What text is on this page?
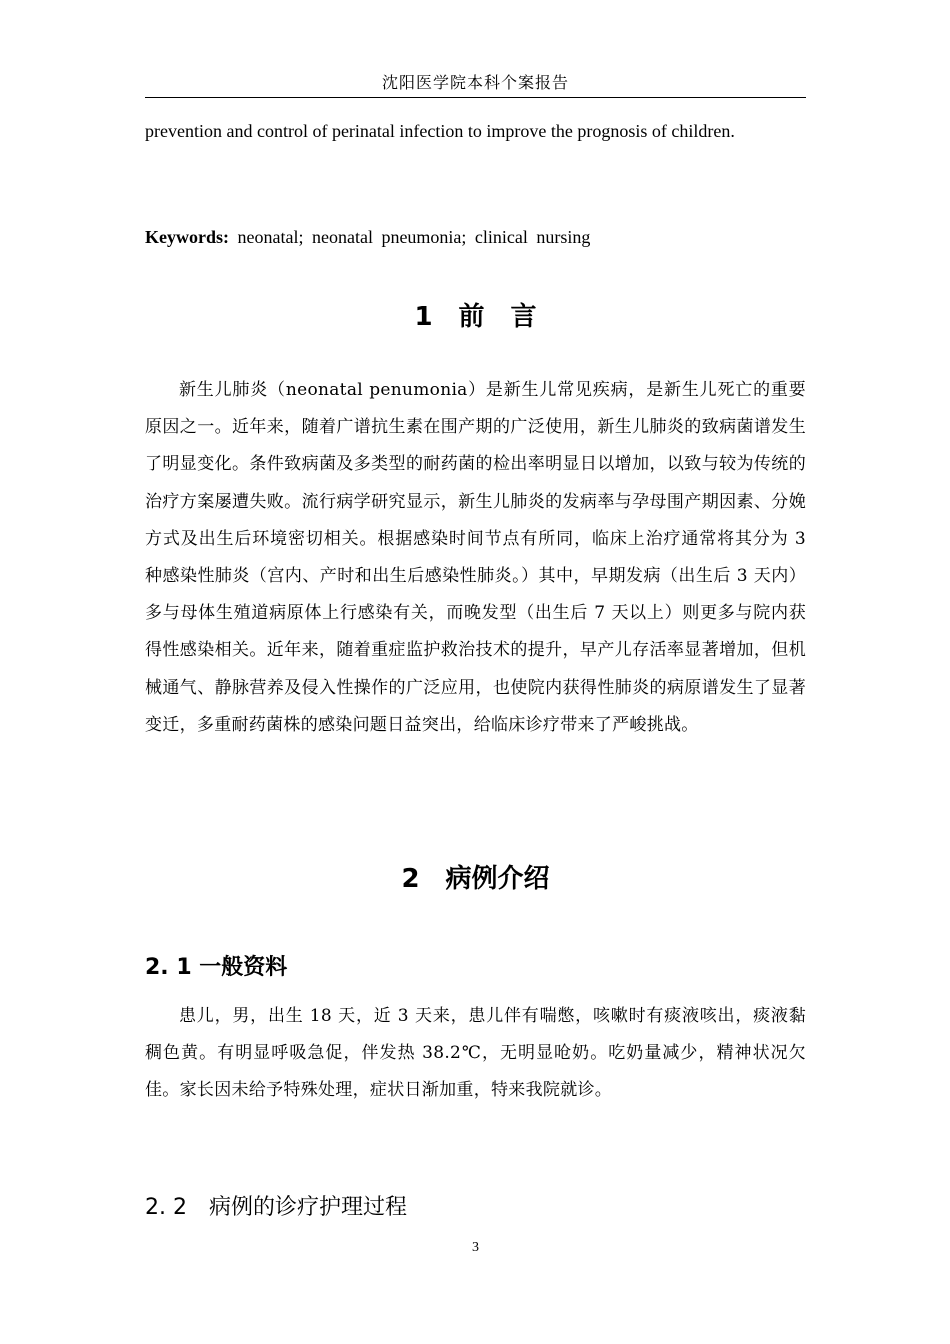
沈阳医学院本科个案报告
prevention and control of perinatal infection to improve the prognosis of children.
Keywords: neonatal; neonatal pneumonia; clinical nursing
1　前　言
新生儿肺炎（neonatal penumonia）是新生儿常见疾病，是新生儿死亡的重要原因之一。近年来，随着广谱抗生素在围产期的广泛使用，新生儿肺炎的致病菌谱发生了明显变化。条件致病菌及多类型的耐药菌的检出率明显日以增加，以致与较为传统的治疗方案屡遭失败。流行病学研究显示，新生儿肺炎的发病率与孕母围产期因素、分娩方式及出生后环境密切相关。根据感染时间节点有所同，临床上治疗通常将其分为 3 种感染性肺炎（宫内、产时和出生后感染性肺炎。）其中，早期发病（出生后 3 天内）多与母体生殖道病原体上行感染有关，而晚发型（出生后 7 天以上）则更多与院内获得性感染相关。近年来，随着重症监护救治技术的提升，早产儿存活率显著增加，但机械通气、静脉营养及侵入性操作的广泛应用，也使院内获得性肺炎的病原谱发生了显著变迁，多重耐药菌株的感染问题日益突出，给临床诊疗带来了严峻挑战。
2　病例介绍
2. 1 一般资料
患儿，男，出生 18 天，近 3 天来，患儿伴有喘憋，咳嗽时有痰液咳出，痰液黏稠色黄。有明显呼吸急促，伴发热 38.2℃，无明显呛奶。吃奶量减少，精神状况欠佳。家长因未给予特殊处理，症状日渐加重，特来我院就诊。
2. 2　病例的诊疗护理过程
3
